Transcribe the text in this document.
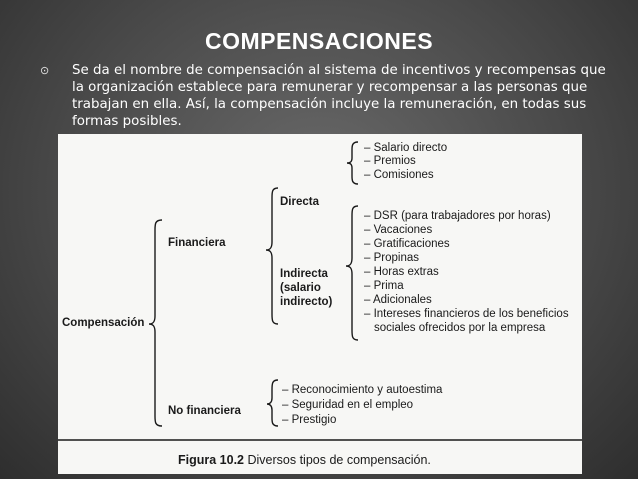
COMPENSACIONES
⊙ Se da el nombre de compensación al sistema de incentivos y recompensas que la organización establece para remunerar y recompensar a las personas que trabajan en ella. Así, la compensación incluye la remuneración, en todas sus formas posibles.
Compensación
Financiera
No financiera
Directa
Indirecta
(salario
indirecto)
– Salario directo
– Premios
– Comisiones
– DSR (para trabajadores por horas)
– Vacaciones
– Gratificaciones
– Propinas
– Horas extras
– Prima
– Adicionales
– Intereses financieros de los beneficios
sociales ofrecidos por la empresa
– Reconocimiento y autoestima
– Seguridad en el empleo
– Prestigio
Figura 10.2 Diversos tipos de compensación.
